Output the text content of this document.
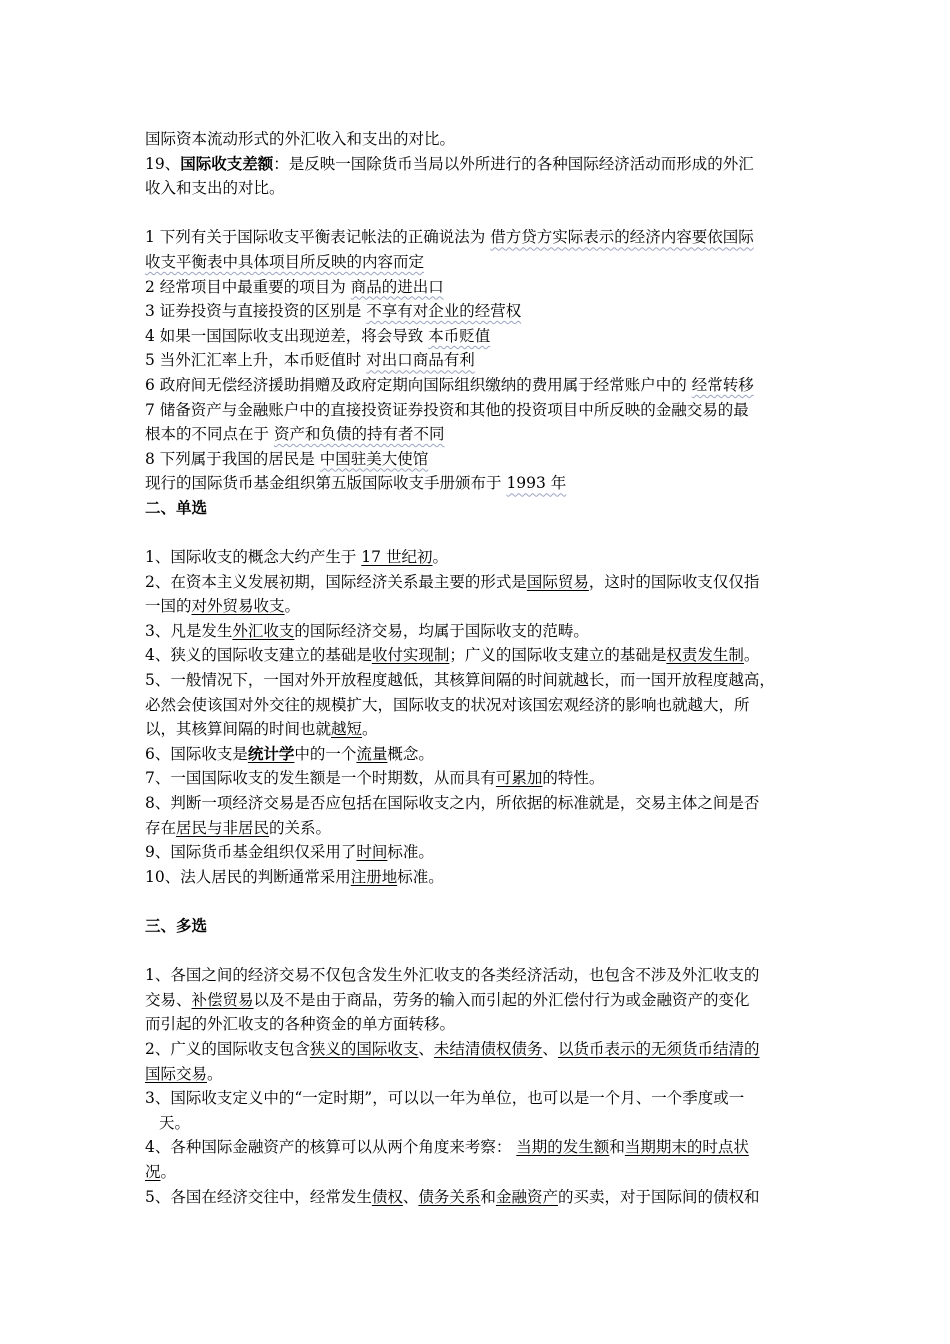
国际资本流动形式的外汇收入和支出的对比。
19、国际收支差额：是反映一国除货币当局以外所进行的各种国际经济活动而形成的外汇
收入和支出的对比。
1 下列有关于国际收支平衡表记帐法的正确说法为 借方贷方实际表示的经济内容要依国际
收支平衡表中具体项目所反映的内容而定
2 经常项目中最重要的项目为 商品的进出口
3 证券投资与直接投资的区别是 不享有对企业的经营权
4 如果一国国际收支出现逆差，将会导致 本币贬值
5 当外汇汇率上升，本币贬值时 对出口商品有利
6 政府间无偿经济援助捐赠及政府定期向国际组织缴纳的费用属于经常账户中的 经常转移
7 储备资产与金融账户中的直接投资证券投资和其他的投资项目中所反映的金融交易的最
根本的不同点在于 资产和负债的持有者不同
8 下列属于我国的居民是 中国驻美大使馆
现行的国际货币基金组织第五版国际收支手册颁布于 1993 年
二、单选
1、国际收支的概念大约产生于 17 世纪初。
2、在资本主义发展初期，国际经济关系最主要的形式是国际贸易，这时的国际收支仅仅指
一国的对外贸易收支。
3、凡是发生外汇收支的国际经济交易，均属于国际收支的范畴。
4、狭义的国际收支建立的基础是收付实现制；广义的国际收支建立的基础是权责发生制。
5、一般情况下，一国对外开放程度越低，其核算间隔的时间就越长，而一国开放程度越高，
必然会使该国对外交往的规模扩大，国际收支的状况对该国宏观经济的影响也就越大，所
以，其核算间隔的时间也就越短。
6、国际收支是统计学中的一个流量概念。
7、一国国际收支的发生额是一个时期数，从而具有可累加的特性。
8、判断一项经济交易是否应包括在国际收支之内，所依据的标准就是，交易主体之间是否
存在居民与非居民的关系。
9、国际货币基金组织仅采用了时间标准。
10、法人居民的判断通常采用注册地标准。
三、多选
1、各国之间的经济交易不仅包含发生外汇收支的各类经济活动，也包含不涉及外汇收支的
交易、补偿贸易以及不是由于商品，劳务的输入而引起的外汇偿付行为或金融资产的变化
而引起的外汇收支的各种资金的单方面转移。
2、广义的国际收支包含狭义的国际收支、未结清债权债务、以货币表示的无须货币结清的
国际交易。
3、国际收支定义中的“一定时期”，可以以一年为单位，也可以是一个月、一个季度或一
天。
4、各种国际金融资产的核算可以从两个角度来考察： 当期的发生额和当期期末的时点状
况。
5、各国在经济交往中，经常发生债权、债务关系和金融资产的买卖，对于国际间的债权和
